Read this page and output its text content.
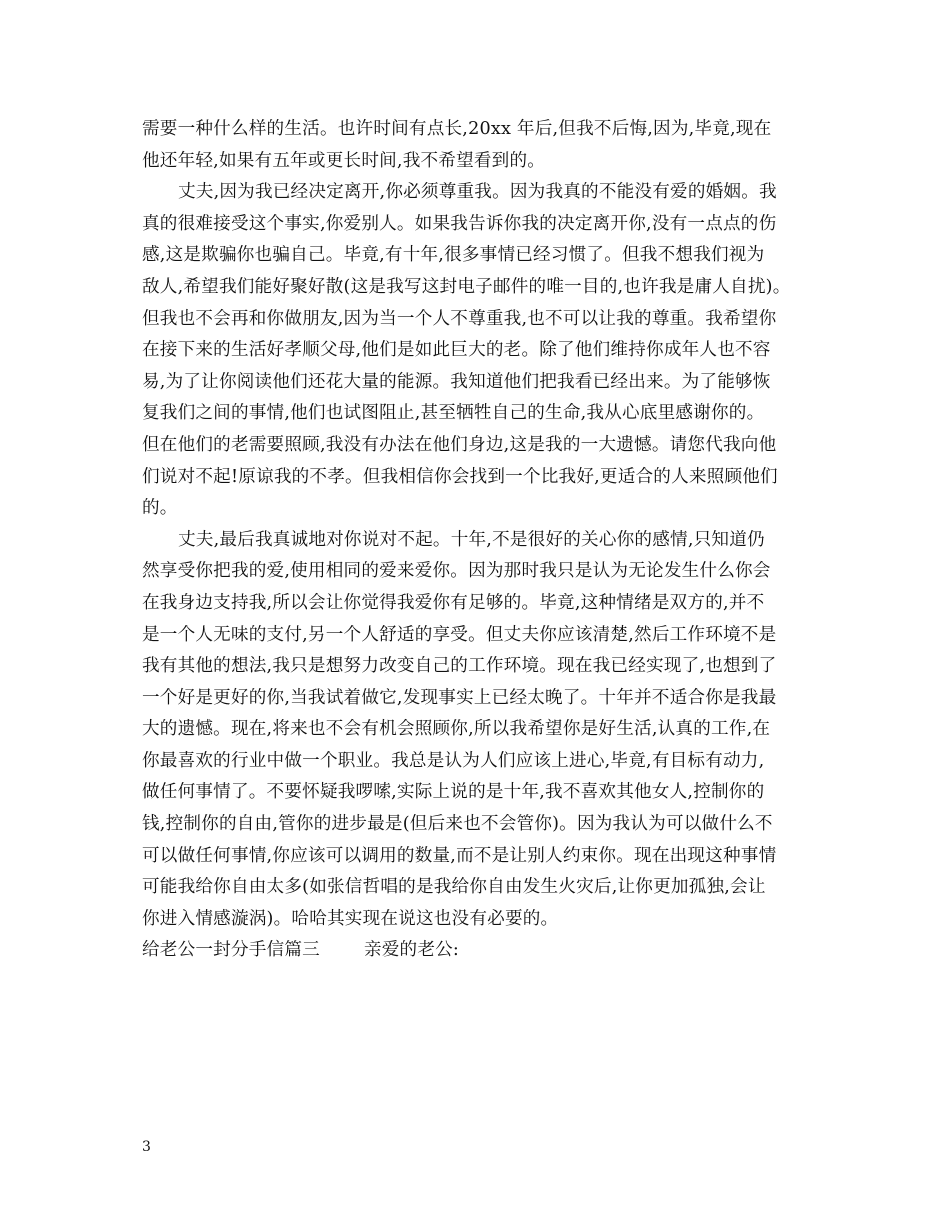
需要一种什么样的生活。也许时间有点长,20xx 年后,但我不后悔,因为,毕竟,现在
他还年轻,如果有五年或更长时间,我不希望看到的。
丈夫,因为我已经决定离开,你必须尊重我。因为我真的不能没有爱的婚姻。我
真的很难接受这个事实,你爱别人。如果我告诉你我的决定离开你,没有一点点的伤
感,这是欺骗你也骗自己。毕竟,有十年,很多事情已经习惯了。但我不想我们视为
敌人,希望我们能好聚好散(这是我写这封电子邮件的唯一目的,也许我是庸人自扰)。
但我也不会再和你做朋友,因为当一个人不尊重我,也不可以让我的尊重。我希望你
在接下来的生活好孝顺父母,他们是如此巨大的老。除了他们维持你成年人也不容
易,为了让你阅读他们还花大量的能源。我知道他们把我看已经出来。为了能够恢
复我们之间的事情,他们也试图阻止,甚至牺牲自己的生命,我从心底里感谢你的。
但在他们的老需要照顾,我没有办法在他们身边,这是我的一大遗憾。请您代我向他
们说对不起!原谅我的不孝。但我相信你会找到一个比我好,更适合的人来照顾他们
的。
丈夫,最后我真诚地对你说对不起。十年,不是很好的关心你的感情,只知道仍
然享受你把我的爱,使用相同的爱来爱你。因为那时我只是认为无论发生什么你会
在我身边支持我,所以会让你觉得我爱你有足够的。毕竟,这种情绪是双方的,并不
是一个人无味的支付,另一个人舒适的享受。但丈夫你应该清楚,然后工作环境不是
我有其他的想法,我只是想努力改变自己的工作环境。现在我已经实现了,也想到了
一个好是更好的你,当我试着做它,发现事实上已经太晚了。十年并不适合你是我最
大的遗憾。现在,将来也不会有机会照顾你,所以我希望你是好生活,认真的工作,在
你最喜欢的行业中做一个职业。我总是认为人们应该上进心,毕竟,有目标有动力,
做任何事情了。不要怀疑我啰嗦,实际上说的是十年,我不喜欢其他女人,控制你的
钱,控制你的自由,管你的进步最是(但后来也不会管你)。因为我认为可以做什么不
可以做任何事情,你应该可以调用的数量,而不是让别人约束你。现在出现这种事情
可能我给你自由太多(如张信哲唱的是我给你自由发生火灾后,让你更加孤独,会让
你进入情感漩涡)。哈哈其实现在说这也没有必要的。
给老公一封分手信篇三	亲爱的老公:
3
